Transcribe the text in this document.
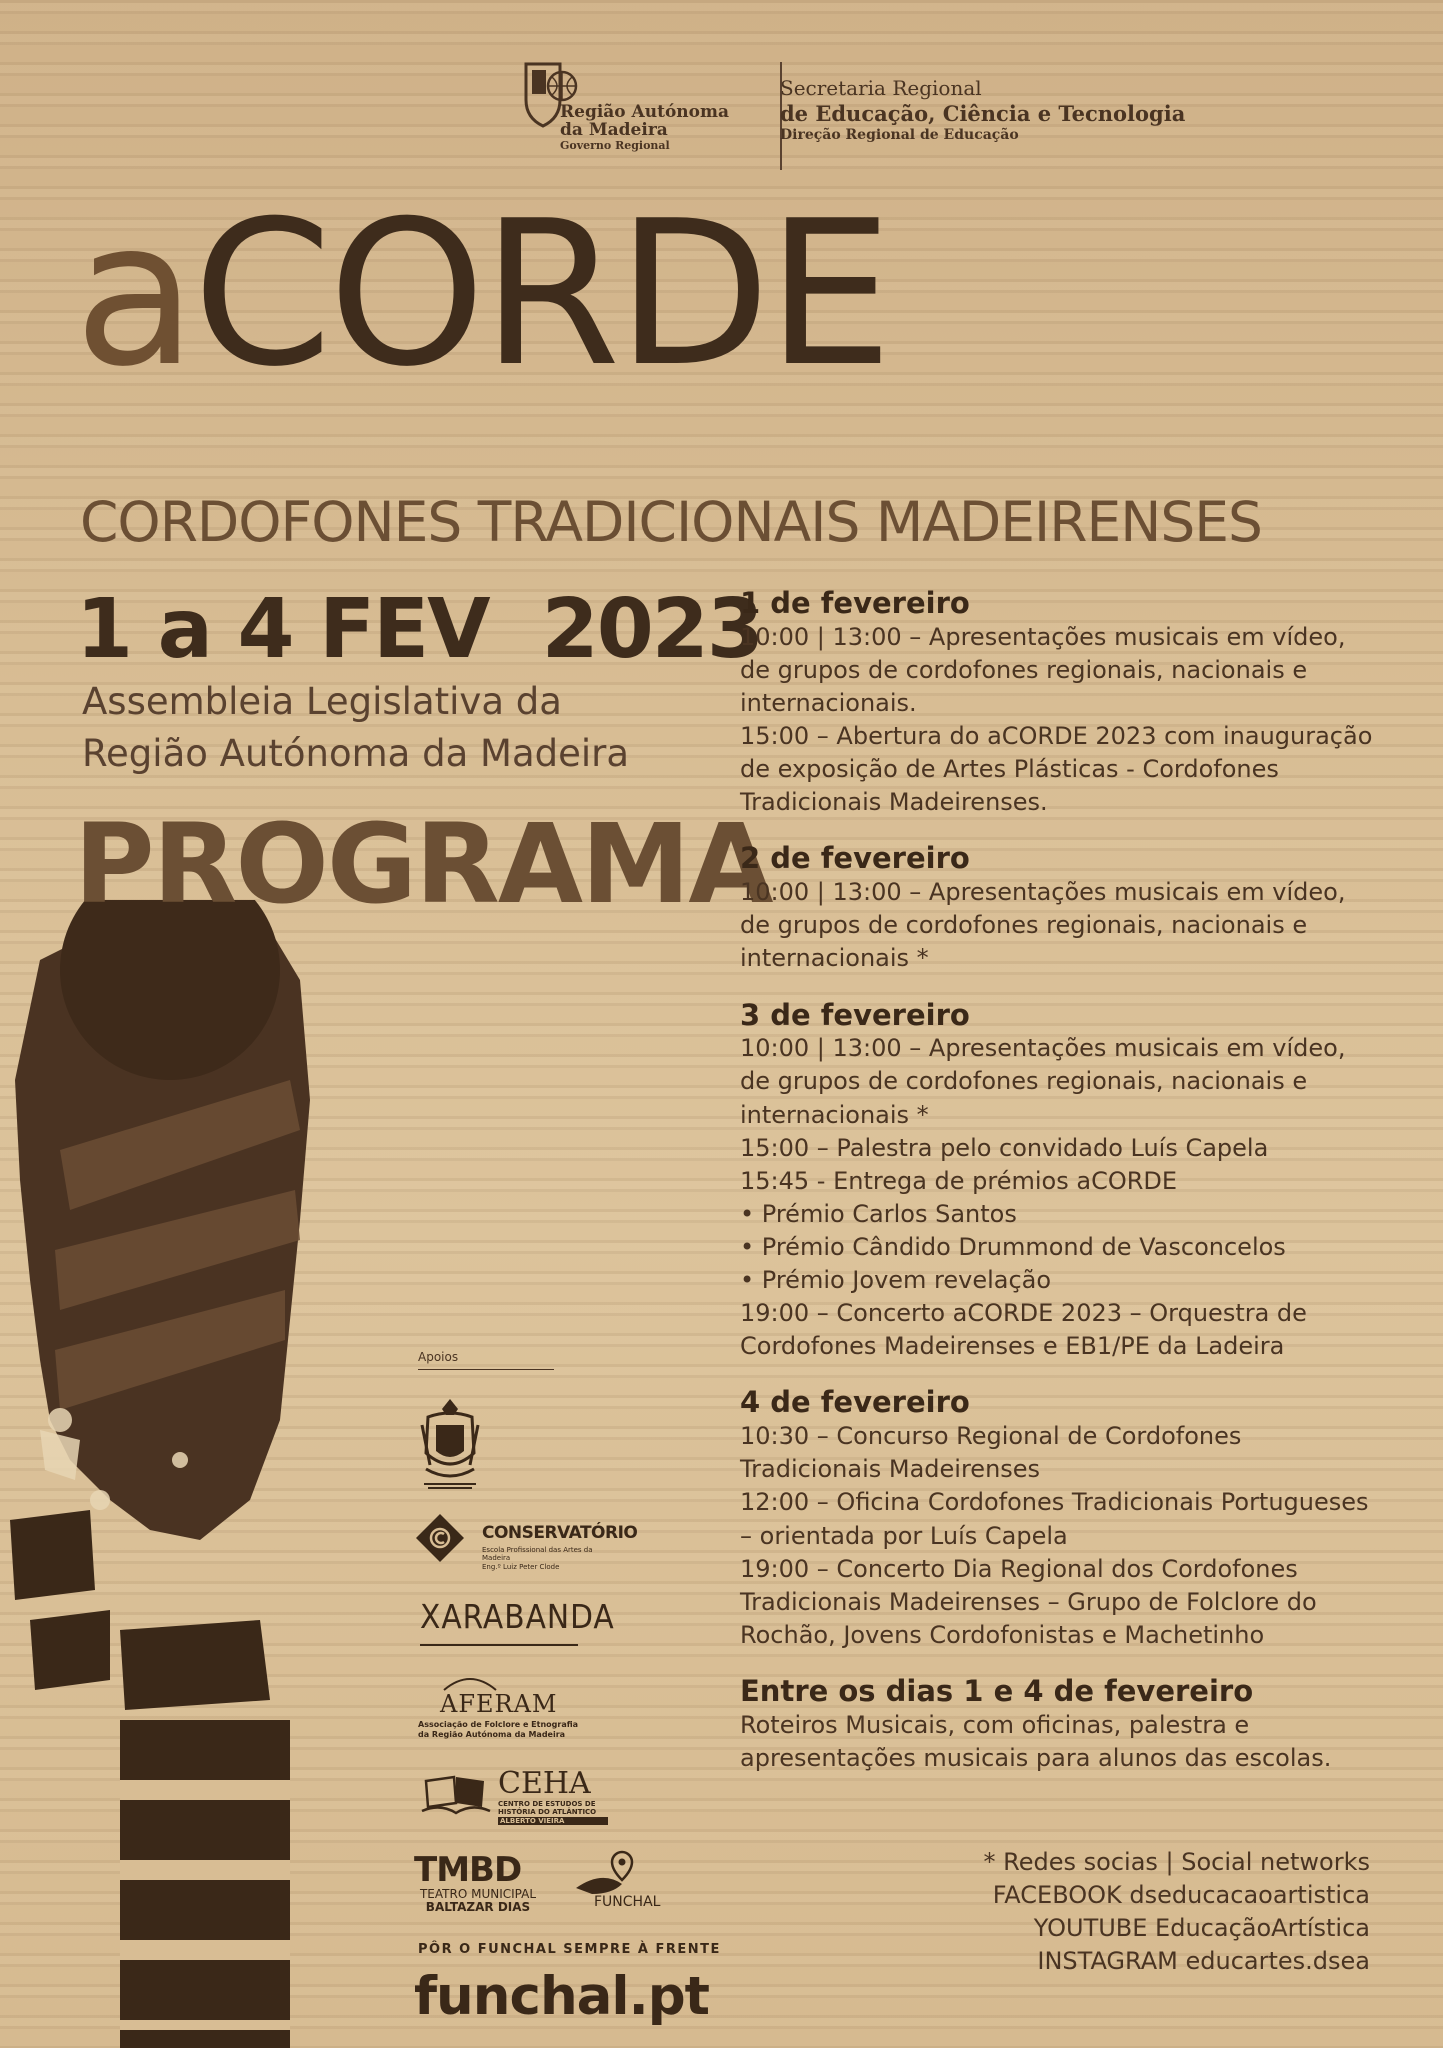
Região Autónoma
da Madeira
Governo Regional
Secretaria Regional
de Educação, Ciência e Tecnologia
Direção Regional de Educação
aCORDE
CORDOFONES TRADICIONAIS MADEIRENSES
1 a 4 FEV  2023
Assembleia Legislativa da
Região Autónoma da Madeira
PROGRAMA
1 de fevereiro

10:00 | 13:00 – Apresentações musicais em vídeo, de grupos de cordofones regionais, nacionais e internacionais.

15:00 – Abertura do aCORDE 2023 com inauguração de exposição de Artes Plásticas - Cordofones Tradicionais Madeirenses.

2 de fevereiro

10:00 | 13:00 – Apresentações musicais em vídeo, de grupos de cordofones regionais, nacionais e internacionais *

3 de fevereiro

10:00 | 13:00 – Apresentações musicais em vídeo, de grupos de cordofones regionais, nacionais e internacionais *

15:00 – Palestra pelo convidado Luís Capela

15:45 - Entrega de prémios aCORDE

• Prémio Carlos Santos

• Prémio Cândido Drummond de Vasconcelos

• Prémio Jovem revelação

19:00 – Concerto aCORDE 2023 – Orquestra de Cordofones Madeirenses e EB1/PE da Ladeira

4 de fevereiro

10:30 – Concurso Regional de Cordofones Tradicionais Madeirenses

12:00 – Oficina Cordofones Tradicionais Portugueses – orientada por Luís Capela

19:00 – Concerto Dia Regional dos Cordofones Tradicionais Madeirenses – Grupo de Folclore do Rochão, Jovens Cordofonistas e Machetinho

Entre os dias 1 e 4 de fevereiro

Roteiros Musicais, com oficinas, palestra e apresentações musicais para alunos das escolas.

* Redes socias | Social networks
FACEBOOK dseducacaoartistica
YOUTUBE EducaçãoArtística
INSTAGRAM educartes.dsea
Apoios
CONSERVATÓRIO
Escola Profissional das Artes da Madeira
Eng.º Luiz Peter Clode
XARABANDA
AFERAM
Associação de Folclore e Etnografia
da Região Autónoma da Madeira
CEHA
CENTRO DE ESTUDOS DE
HISTÓRIA DO ATLÂNTICO
ALBERTO VIEIRA
TMBD
TEATRO MUNICIPAL
BALTAZAR DIAS	FUNCHAL
PÔR O FUNCHAL SEMPRE À FRENTE
funchal.pt
